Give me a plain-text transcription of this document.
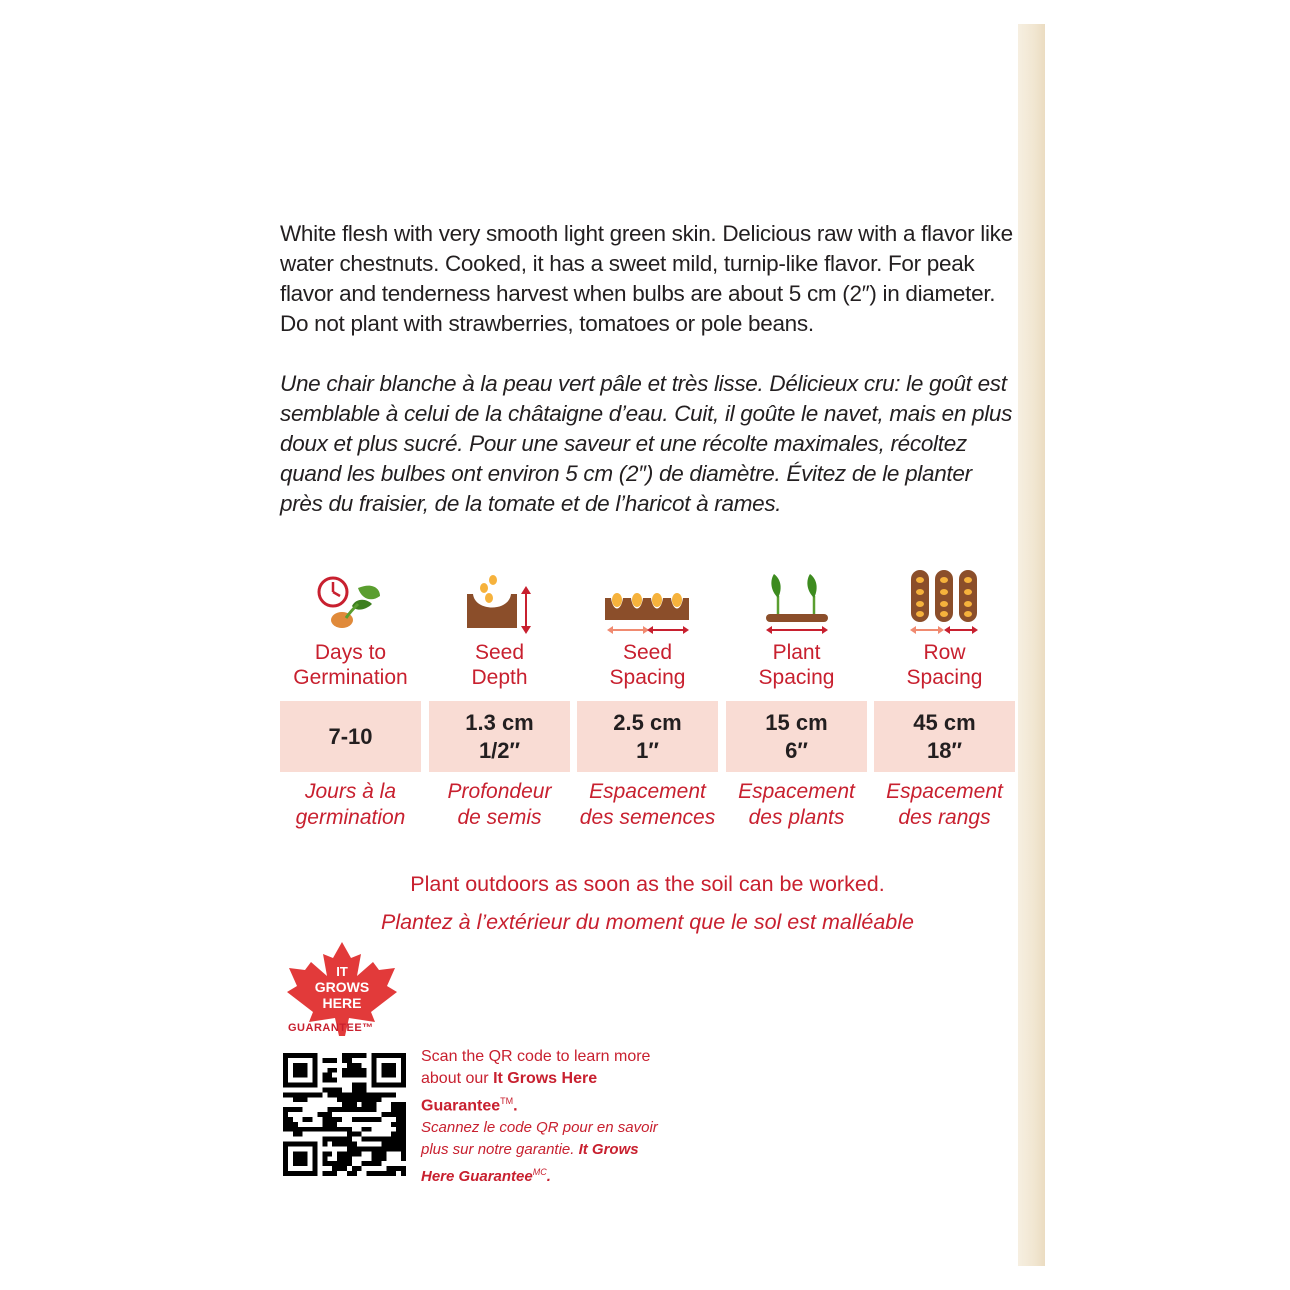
White flesh with very smooth light green skin. Delicious raw with a flavor like water chestnuts. Cooked, it has a sweet mild, turnip-like flavor. For peak flavor and tenderness harvest when bulbs are about 5 cm (2″) in diameter. Do not plant with strawberries, tomatoes or pole beans.
Une chair blanche à la peau vert pâle et très lisse. Délicieux cru: le goût est semblable à celui de la châtaigne d’eau. Cuit, il goûte le navet, mais en plus doux et plus sucré. Pour une saveur et une récolte maximales, récoltez quand les bulbes ont environ 5 cm (2″) de diamètre. Évitez de le planter près du fraisier, de la tomate et de l’haricot à rames.
Days to
Germination
7-10
Jours à la
germination
Seed
Depth
1.3 cm
1/2″
Profondeur
de semis
Seed
Spacing
2.5 cm
1″
Espacement
des semences
Plant
Spacing
15 cm
6″
Espacement
des plants
Row
Spacing
45 cm
18″
Espacement
des rangs
Plant outdoors as soon as the soil can be worked.
Plantez à l’extérieur du moment que le sol est malléable
IT
GROWS
HERE
GUARANTEE™
Scan the QR code to learn more about our It Grows Here Guarantee™.
Scannez le code QR pour en savoir plus sur notre garantie. It Grows Here Guarantee$^{MC}$.
